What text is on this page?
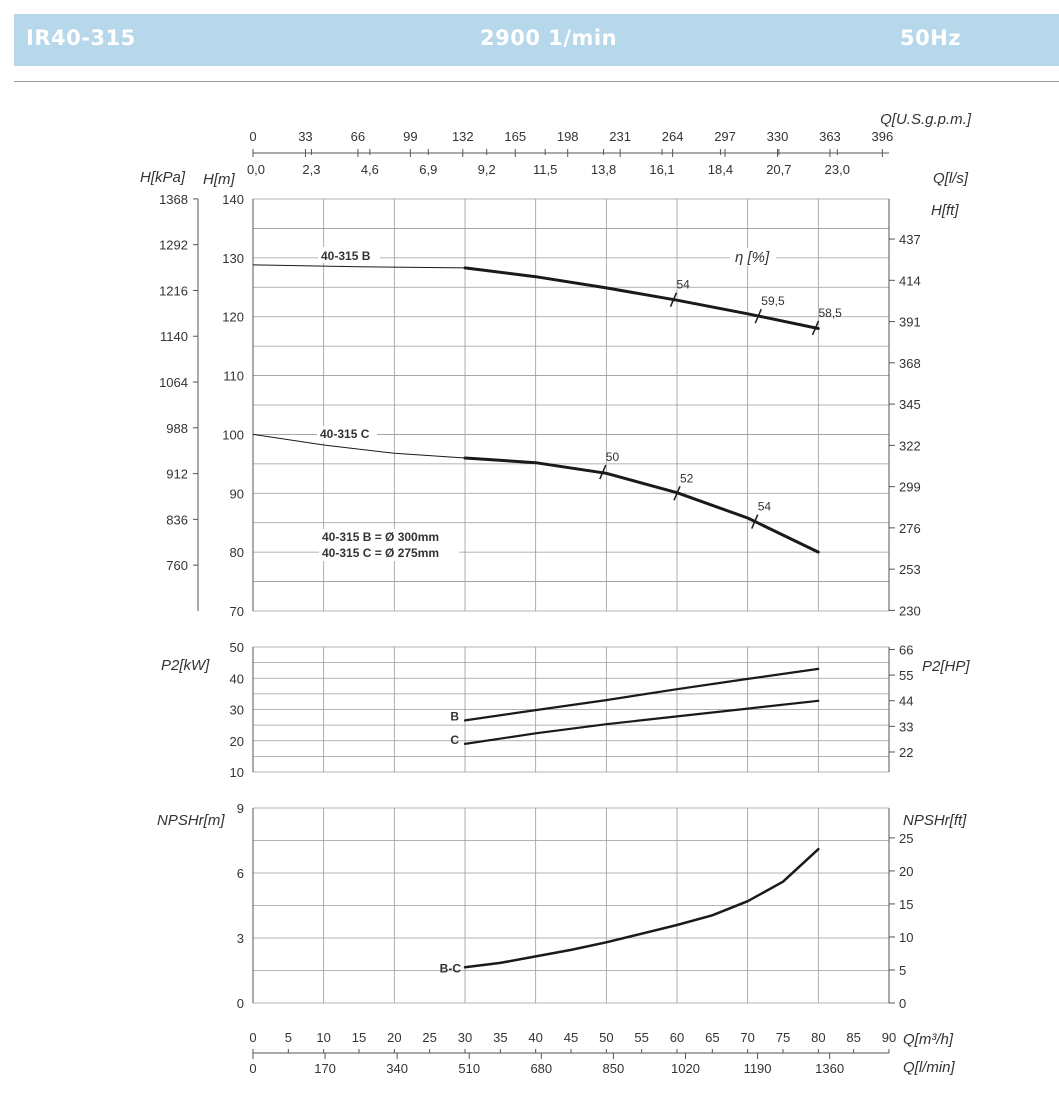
IR40-315	2900 1/min	50Hz
0	33	66	99	132 165 198 231 264 297 330 363 396
Q[U.S.g.p.m.]
0,0	2,3	4,6	6,9	9,2	11,5	13,8	16,1	18,4	20,7	23,0
Q[l/s]
70
80
90
100
110
120
130
140
760
836
912
988
1064
1140
1216
1292
1368
230
253
276
299
322
345
368
391
414
437
H[kPa] H[m]
H[ft]
40-315 B
40-315 C
η [%]
54
59,5
58,5
50
52
54
40-315 B = Ø 300mm
40-315 C = Ø 275mm
10
20
30
40
50
22
33
44
55
66
P2[kW]	P2[HP]
B
C
0
3
6
9
0
5
10
15
20
25
NPSHr[m]	NPSHr[ft]
B-C
0 5 10 15 20 25 30 35 40 45 50 55 60 65 70 75 80 85 90 Q[m³/h]
0	170	340	510	680	850	1020	1190	1360	Q[l/min]
